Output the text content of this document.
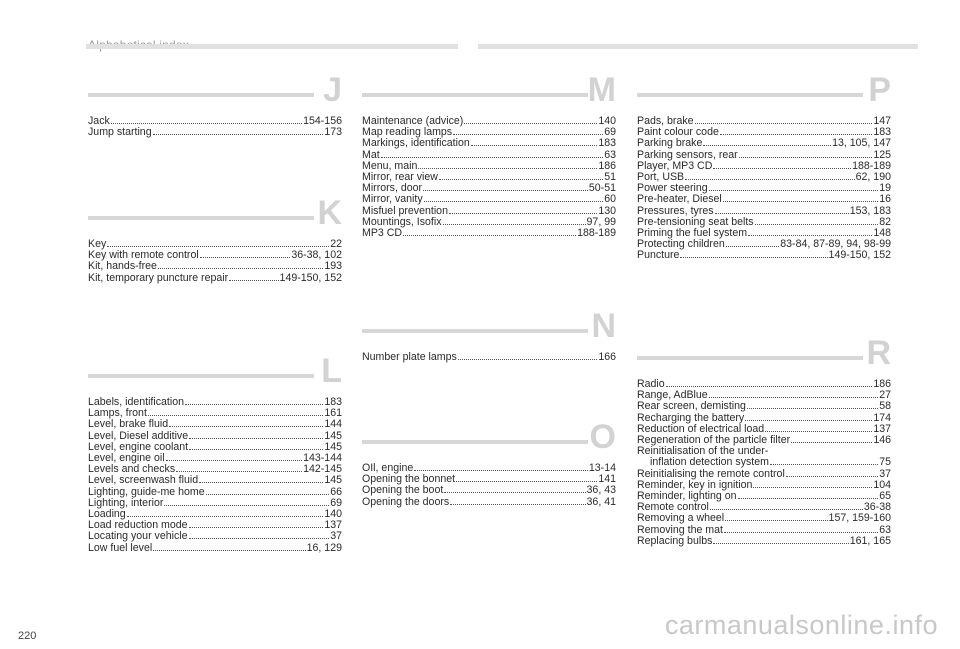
J
Jack	154-156
Jump starting	173
K
Key	22
Key with remote control	36-38, 102
Kit, hands-free	193
Kit, temporary puncture repair	149-150, 152
L
Labels, identification	183
Lamps, front	161
Level, brake fluid	144
Level, Diesel additive	145
Level, engine coolant	145
Level, engine oil	143-144
Levels and checks	142-145
Level, screenwash fluid	145
Lighting, guide-me home	66
Lighting, interior	69
Loading	140
Load reduction mode	137
Locating your vehicle	37
Low fuel level	16, 129
M
Maintenance (advice)	140
Map reading lamps	69
Markings, identification	183
Mat	63
Menu, main	186
Mirror, rear view	51
Mirrors, door	50-51
Mirror, vanity	60
Misfuel prevention	130
Mountings, Isofix	97, 99
MP3 CD	188-189
N
Number plate lamps	166
O
OIl, engine	13-14
Opening the bonnet	141
Opening the boot	36, 43
Opening the doors	36, 41
P
Pads, brake	147
Paint colour code	183
Parking brake	13, 105, 147
Parking sensors, rear	125
Player, MP3 CD	188-189
Port, USB	62, 190
Power steering	19
Pre-heater, Diesel	16
Pressures, tyres	153, 183
Pre-tensioning seat belts	82
Priming the fuel system	148
Protecting children	83-84, 87-89, 94, 98-99
Puncture	149-150, 152
R
Radio	186
Range, AdBlue	27
Rear screen, demisting	58
Recharging the battery	174
Reduction of electrical load	137
Regeneration of the particle filter	146
Reinitialisation of the under-
inflation detection system	75
Reinitialising the remote control	37
Reminder, key in ignition	104
Reminder, lighting on	65
Remote control	36-38
Removing a wheel	157, 159-160
Removing the mat	63
Replacing bulbs	161, 165
220	carmanualsonline.info
